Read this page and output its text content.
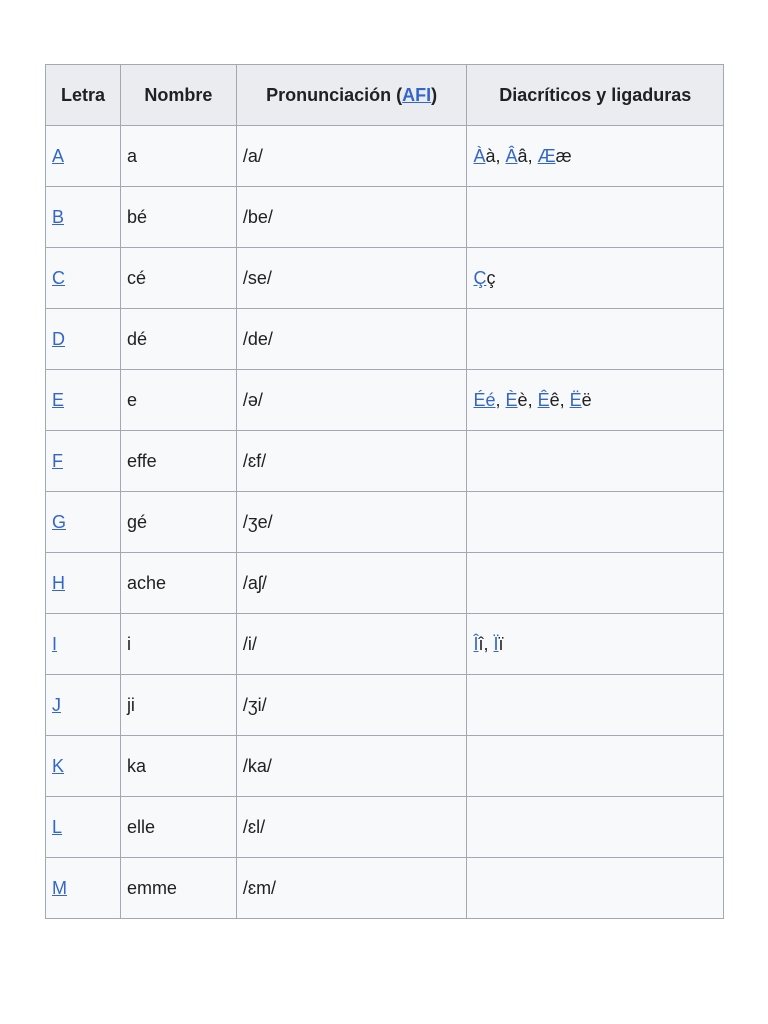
Letra	Nombre	Pronunciación (AFI)	Diacríticos y ligaduras
A	a	/a/	Àà, Ââ, Ææ
B	bé	/be/	
C	cé	/se/	Çç
D	dé	/de/	
E	e	/ə/	Éé, Èè, Êê, Ëë
F	effe	/ɛf/	
G	gé	/ʒe/	
H	ache	/aʃ/	
I	i	/i/	Îî, Ïï
J	ji	/ʒi/	
K	ka	/ka/	
L	elle	/ɛl/	
M	emme	/ɛm/	
